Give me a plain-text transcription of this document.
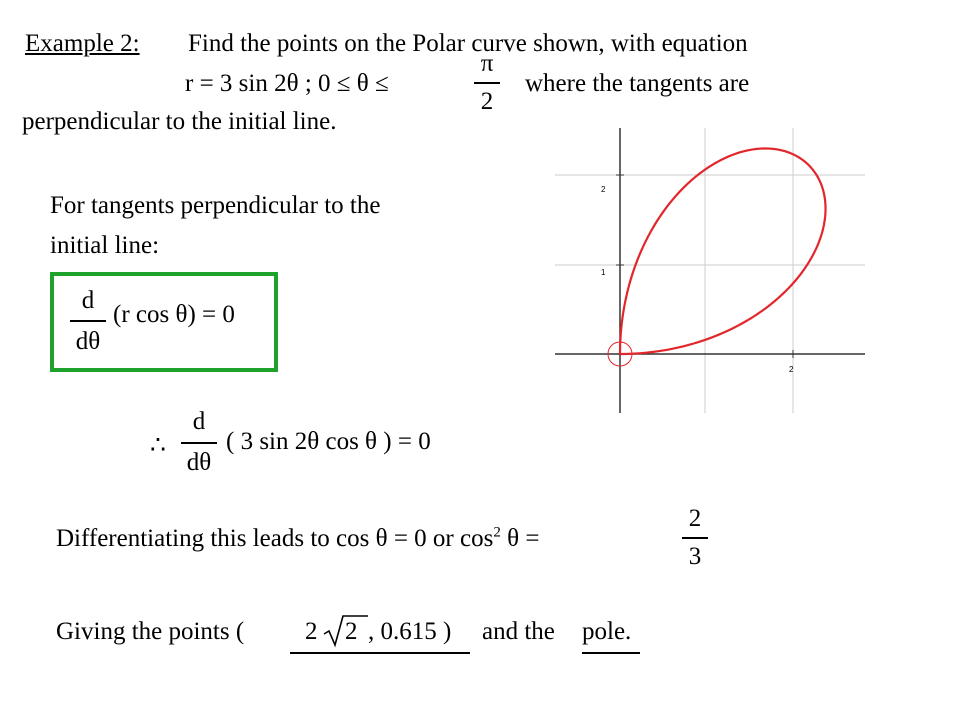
Example 2: Find the points on the Polar curve shown, with equation
r = 3 sin 2θ ; 0 ≤ θ ≤
π
2
where the tangents are
perpendicular to the initial line.
For tangents perpendicular to the
initial line:
d
dθ
(r cos θ) = 0
∴
d
dθ
( 3 sin 2θ cos θ ) = 0
Differentiating this leads to cos θ = 0 or $\cos^2 \theta$ =
2
3
Giving the points ( 2 2 , 0.615 ) and the pole.
2
1
2
